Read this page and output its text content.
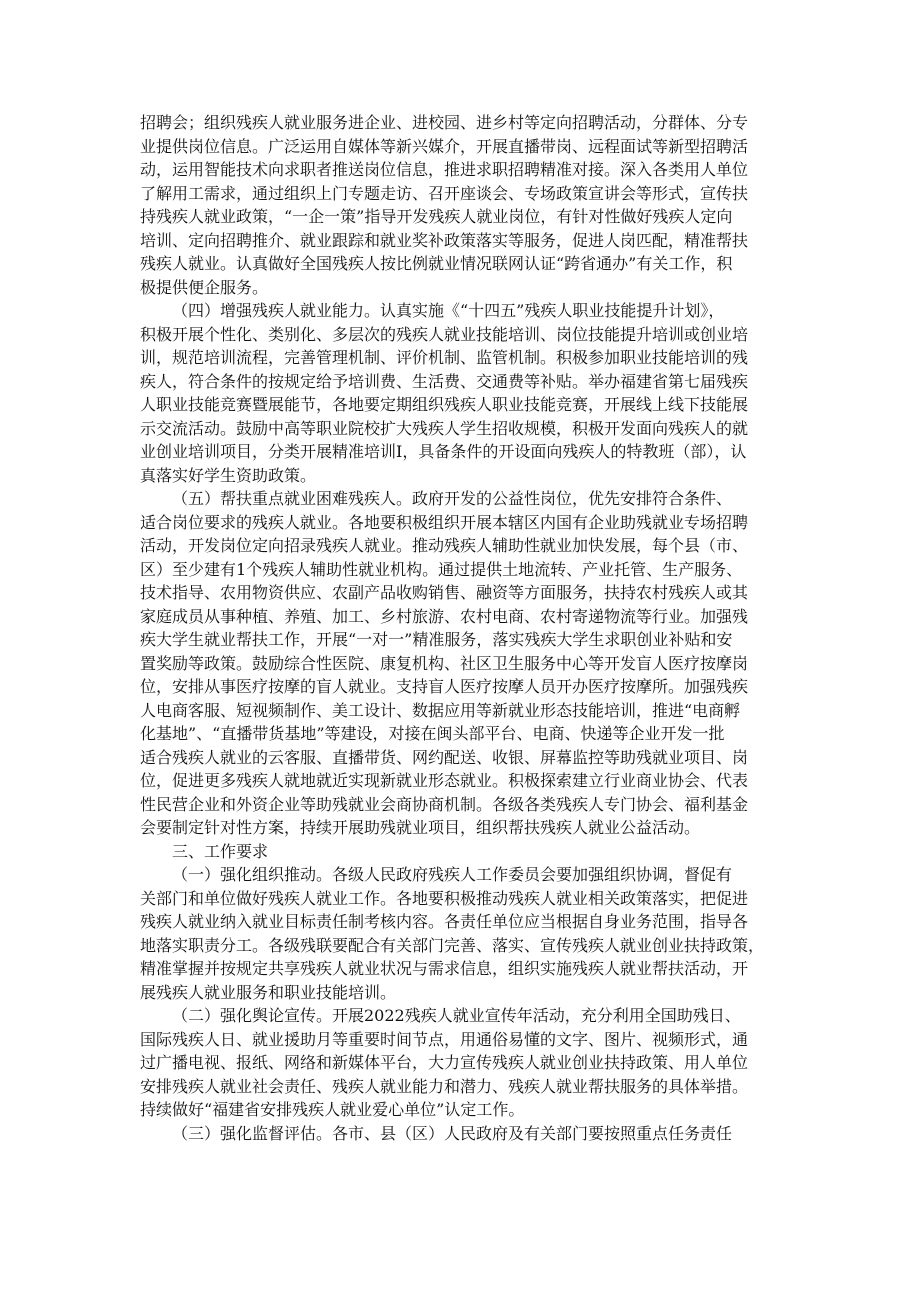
招聘会；组织残疾人就业服务进企业、进校园、进乡村等定向招聘活动，分群体、分专
业提供岗位信息。广泛运用自媒体等新兴媒介，开展直播带岗、远程面试等新型招聘活
动，运用智能技术向求职者推送岗位信息，推进求职招聘精准对接。深入各类用人单位
了解用工需求，通过组织上门专题走访、召开座谈会、专场政策宣讲会等形式，宣传扶
持残疾人就业政策，“一企一策”指导开发残疾人就业岗位，有针对性做好残疾人定向
培训、定向招聘推介、就业跟踪和就业奖补政策落实等服务，促进人岗匹配，精准帮扶
残疾人就业。认真做好全国残疾人按比例就业情况联网认证“跨省通办”有关工作，积
极提供便企服务。
（四）增强残疾人就业能力。认真实施《“十四五”残疾人职业技能提升计划》，
积极开展个性化、类别化、多层次的残疾人就业技能培训、岗位技能提升培训或创业培
训，规范培训流程，完善管理机制、评价机制、监管机制。积极参加职业技能培训的残
疾人，符合条件的按规定给予培训费、生活费、交通费等补贴。举办福建省第七届残疾
人职业技能竞赛暨展能节，各地要定期组织残疾人职业技能竞赛，开展线上线下技能展
示交流活动。鼓励中高等职业院校扩大残疾人学生招收规模，积极开发面向残疾人的就
业创业培训项目，分类开展精准培训I，具备条件的开设面向残疾人的特教班（部），认
真落实好学生资助政策。
（五）帮扶重点就业困难残疾人。政府开发的公益性岗位，优先安排符合条件、
适合岗位要求的残疾人就业。各地要积极组织开展本辖区内国有企业助残就业专场招聘
活动，开发岗位定向招录残疾人就业。推动残疾人辅助性就业加快发展，每个县（市、
区）至少建有1个残疾人辅助性就业机构。通过提供土地流转、产业托管、生产服务、
技术指导、农用物资供应、农副产品收购销售、融资等方面服务，扶持农村残疾人或其
家庭成员从事种植、养殖、加工、乡村旅游、农村电商、农村寄递物流等行业。加强残
疾大学生就业帮扶工作，开展“一对一”精准服务，落实残疾大学生求职创业补贴和安
置奖励等政策。鼓励综合性医院、康复机构、社区卫生服务中心等开发盲人医疗按摩岗
位，安排从事医疗按摩的盲人就业。支持盲人医疗按摩人员开办医疗按摩所。加强残疾
人电商客服、短视频制作、美工设计、数据应用等新就业形态技能培训，推进“电商孵
化基地”、“直播带货基地”等建设，对接在闽头部平台、电商、快递等企业开发一批
适合残疾人就业的云客服、直播带货、网约配送、收银、屏幕监控等助残就业项目、岗
位，促进更多残疾人就地就近实现新就业形态就业。积极探索建立行业商业协会、代表
性民营企业和外资企业等助残就业会商协商机制。各级各类残疾人专门协会、福利基金
会要制定针对性方案，持续开展助残就业项目，组织帮扶残疾人就业公益活动。
三、工作要求
（一）强化组织推动。各级人民政府残疾人工作委员会要加强组织协调，督促有
关部门和单位做好残疾人就业工作。各地要积极推动残疾人就业相关政策落实，把促进
残疾人就业纳入就业目标责任制考核内容。各责任单位应当根据自身业务范围，指导各
地落实职责分工。各级残联要配合有关部门完善、落实、宣传残疾人就业创业扶持政策，
精准掌握并按规定共享残疾人就业状况与需求信息，组织实施残疾人就业帮扶活动，开
展残疾人就业服务和职业技能培训。
（二）强化舆论宣传。开展2022残疾人就业宣传年活动，充分利用全国助残日、
国际残疾人日、就业援助月等重要时间节点，用通俗易懂的文字、图片、视频形式，通
过广播电视、报纸、网络和新媒体平台，大力宣传残疾人就业创业扶持政策、用人单位
安排残疾人就业社会责任、残疾人就业能力和潜力、残疾人就业帮扶服务的具体举措。
持续做好“福建省安排残疾人就业爱心单位”认定工作。
（三）强化监督评估。各市、县（区）人民政府及有关部门要按照重点任务责任
